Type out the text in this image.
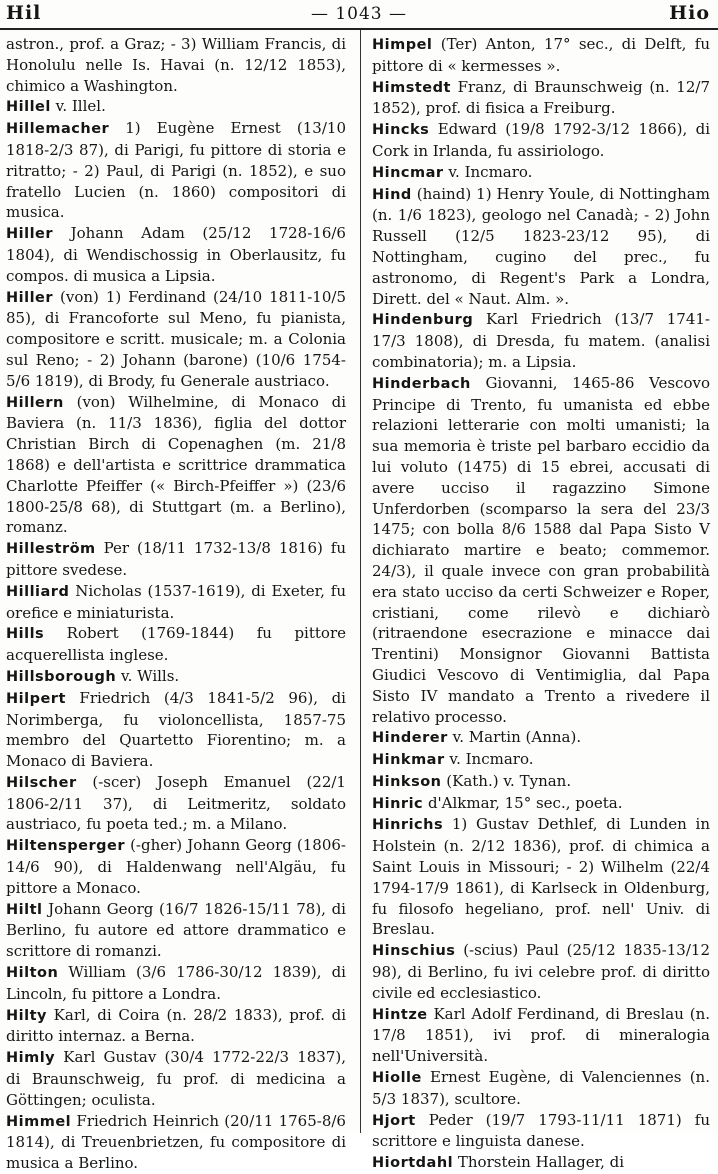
Hil	— 1043 —	Hio
astron., prof. a Graz; - 3) William Francis, di Honolulu nelle Is. Havai (n. 12/12 1853), chimico a Washington.
Hillel v. Illel.
Hillemacher 1) Eugène Ernest (13/10 1818-2/3 87), di Parigi, fu pittore di storia e ritratto; - 2) Paul, di Parigi (n. 1852), e suo fratello Lucien (n. 1860) compositori di musica.
Hiller Johann Adam (25/12 1728-16/6 1804), di Wendischossig in Oberlausitz, fu compos. di musica a Lipsia.
Hiller (von) 1) Ferdinand (24/10 1811-10/5 85), di Francoforte sul Meno, fu pianista, compositore e scritt. musicale; m. a Colonia sul Reno; - 2) Johann (barone) (10/6 1754-5/6 1819), di Brody, fu Generale austriaco.
Hillern (von) Wilhelmine, di Monaco di Baviera (n. 11/3 1836), figlia del dottor Christian Birch di Copenaghen (m. 21/8 1868) e dell'artista e scrittrice drammatica Charlotte Pfeiffer (« Birch-Pfeiffer ») (23/6 1800-25/8 68), di Stuttgart (m. a Berlino), romanz.
Hilleström Per (18/11 1732-13/8 1816) fu pittore svedese.
Hilliard Nicholas (1537-1619), di Exeter, fu orefice e miniaturista.
Hills Robert (1769-1844) fu pittore acquerellista inglese.
Hillsborough v. Wills.
Hilpert Friedrich (4/3 1841-5/2 96), di Norimberga, fu violoncellista, 1857-75 membro del Quartetto Fiorentino; m. a Monaco di Baviera.
Hilscher (-scer) Joseph Emanuel (22/1 1806-2/11 37), di Leitmeritz, soldato austriaco, fu poeta ted.; m. a Milano.
Hiltensperger (-gher) Johann Georg (1806-14/6 90), di Haldenwang nell'Algäu, fu pittore a Monaco.
Hiltl Johann Georg (16/7 1826-15/11 78), di Berlino, fu autore ed attore drammatico e scrittore di romanzi.
Hilton William (3/6 1786-30/12 1839), di Lincoln, fu pittore a Londra.
Hilty Karl, di Coira (n. 28/2 1833), prof. di diritto internaz. a Berna.
Himly Karl Gustav (30/4 1772-22/3 1837), di Braunschweig, fu prof. di medicina a Göttingen; oculista.
Himmel Friedrich Heinrich (20/11 1765-8/6 1814), di Treuenbrietzen, fu compositore di musica a Berlino.
Himpel (Ter) Anton, 17° sec., di Delft, fu pittore di « kermesses ».
Himstedt Franz, di Braunschweig (n. 12/7 1852), prof. di fisica a Freiburg.
Hincks Edward (19/8 1792-3/12 1866), di Cork in Irlanda, fu assiriologo.
Hincmar v. Incmaro.
Hind (haind) 1) Henry Youle, di Nottingham (n. 1/6 1823), geologo nel Canadà; - 2) John Russell (12/5 1823-23/12 95), di Nottingham, cugino del prec., fu astronomo, di Regent's Park a Londra, Dirett. del « Naut. Alm. ».
Hindenburg Karl Friedrich (13/7 1741-17/3 1808), di Dresda, fu matem. (analisi combinatoria); m. a Lipsia.
Hinderbach Giovanni, 1465-86 Vescovo Principe di Trento, fu umanista ed ebbe relazioni letterarie con molti umanisti; la sua memoria è triste pel barbaro eccidio da lui voluto (1475) di 15 ebrei, accusati di avere ucciso il ragazzino Simone Unferdorben (scomparso la sera del 23/3 1475; con bolla 8/6 1588 dal Papa Sisto V dichiarato martire e beato; commemor. 24/3), il quale invece con gran probabilità era stato ucciso da certi Schweizer e Roper, cristiani, come rilevò e dichiarò (ritraendone esecrazione e minacce dai Trentini) Monsignor Giovanni Battista Giudici Vescovo di Ventimiglia, dal Papa Sisto IV mandato a Trento a rivedere il relativo processo.
Hinderer v. Martin (Anna).
Hinkmar v. Incmaro.
Hinkson (Kath.) v. Tynan.
Hinric d'Alkmar, 15° sec., poeta.
Hinrichs 1) Gustav Dethlef, di Lunden in Holstein (n. 2/12 1836), prof. di chimica a Saint Louis in Missouri; - 2) Wilhelm (22/4 1794-17/9 1861), di Karlseck in Oldenburg, fu filosofo hegeliano, prof. nell' Univ. di Breslau.
Hinschius (-scius) Paul (25/12 1835-13/12 98), di Berlino, fu ivi celebre prof. di diritto civile ed ecclesiastico.
Hintze Karl Adolf Ferdinand, di Breslau (n. 17/8 1851), ivi prof. di mineralogia nell'Università.
Hiolle Ernest Eugène, di Valenciennes (n. 5/3 1837), scultore.
Hjort Peder (19/7 1793-11/11 1871) fu scrittore e linguista danese.
Hiortdahl Thorstein Hallager, di
